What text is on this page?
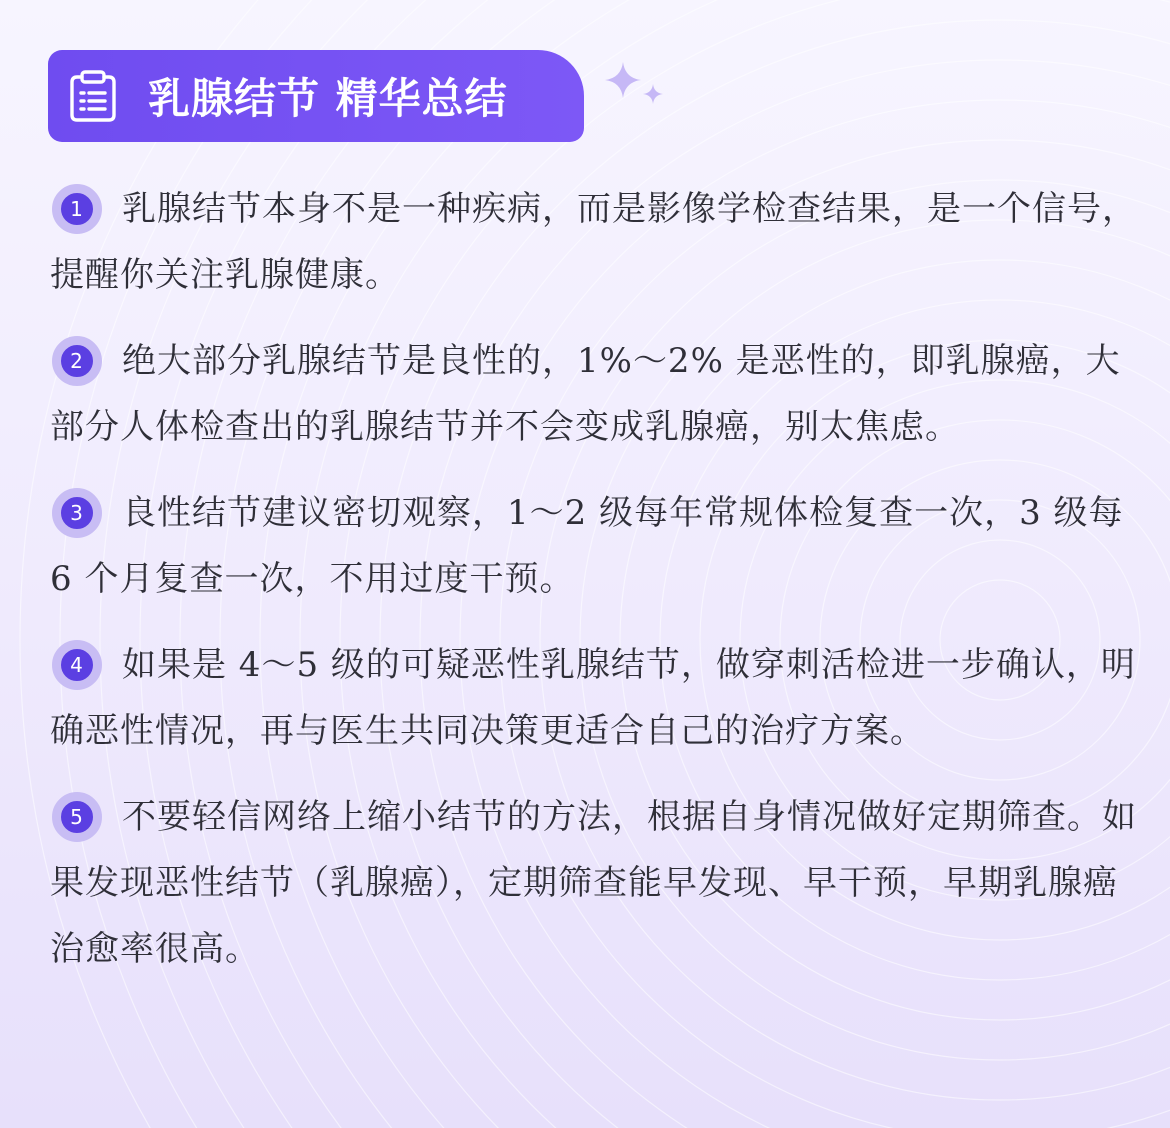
乳腺结节 精华总结

1 乳腺结节本身不是一种疾病，而是影像学检查结果，是一个信号，提醒你关注乳腺健康。

2 绝大部分乳腺结节是良性的，1%～2% 是恶性的，即乳腺癌，大部分人体检查出的乳腺结节并不会变成乳腺癌，别太焦虑。

3 良性结节建议密切观察，1～2 级每年常规体检复查一次，3 级每 6 个月复查一次，不用过度干预。

4 如果是 4～5 级的可疑恶性乳腺结节，做穿刺活检进一步确认，明确恶性情况，再与医生共同决策更适合自己的治疗方案。

5 不要轻信网络上缩小结节的方法，根据自身情况做好定期筛查。如果发现恶性结节（乳腺癌），定期筛查能早发现、早干预，早期乳腺癌治愈率很高。
